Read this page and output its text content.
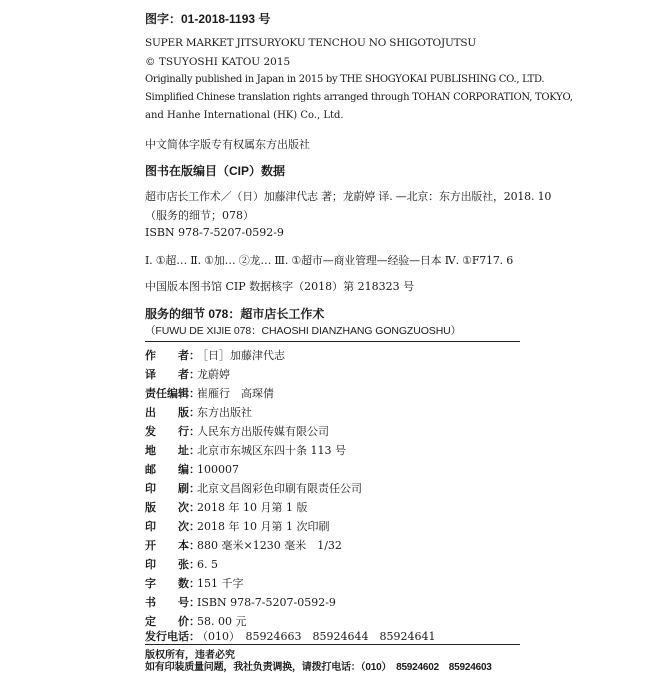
图字：01-2018-1193 号
SUPER MARKET JITSURYOKU TENCHOU NO SHIGOTOJUTSU
© TSUYOSHI KATOU 2015
Originally published in Japan in 2015 by THE SHOGYOKAI PUBLISHING CO., LTD.
Simplified Chinese translation rights arranged through TOHAN CORPORATION, TOKYO,
and Hanhe International (HK) Co., Ltd.
中文简体字版专有权属东方出版社
图书在版编目（CIP）数据
超市店长工作术／（日）加藤津代志 著；龙蔚婷 译. —北京：东方出版社，2018. 10
（服务的细节；078）
ISBN 978-7-5207-0592-9
Ⅰ. ①超… Ⅱ. ①加… ②龙… Ⅲ. ①超市—商业管理—经验—日本 Ⅳ. ①F717. 6
中国版本图书馆 CIP 数据核字（2018）第 218323 号
服务的细节 078：超市店长工作术
（FUWU DE XIJIE 078：CHAOSHI DIANZHANG GONGZUOSHU）
作　　者：
［日］加藤津代志
译　　者：
龙蔚婷
责任编辑：
崔雁行　高琛倩
出　　版：
东方出版社
发　　行：
人民东方出版传媒有限公司
地　　址：
北京市东城区东四十条 113 号
邮　　编：
100007
印　　刷：
北京文昌阁彩色印刷有限责任公司
版　　次：
2018 年 10 月第 1 版
印　　次：
2018 年 10 月第 1 次印刷
开　　本：
880 毫米×1230 毫米　1/32
印　　张：
6. 5
字　　数：
151 千字
书　　号：
ISBN 978-7-5207-0592-9
定　　价：
58. 00 元
发行电话：
（010）　85924663　85924644　85924641
版权所有，违者必究
如有印装质量问题，我社负责调换，请拨打电话：（010）　85924602　85924603
